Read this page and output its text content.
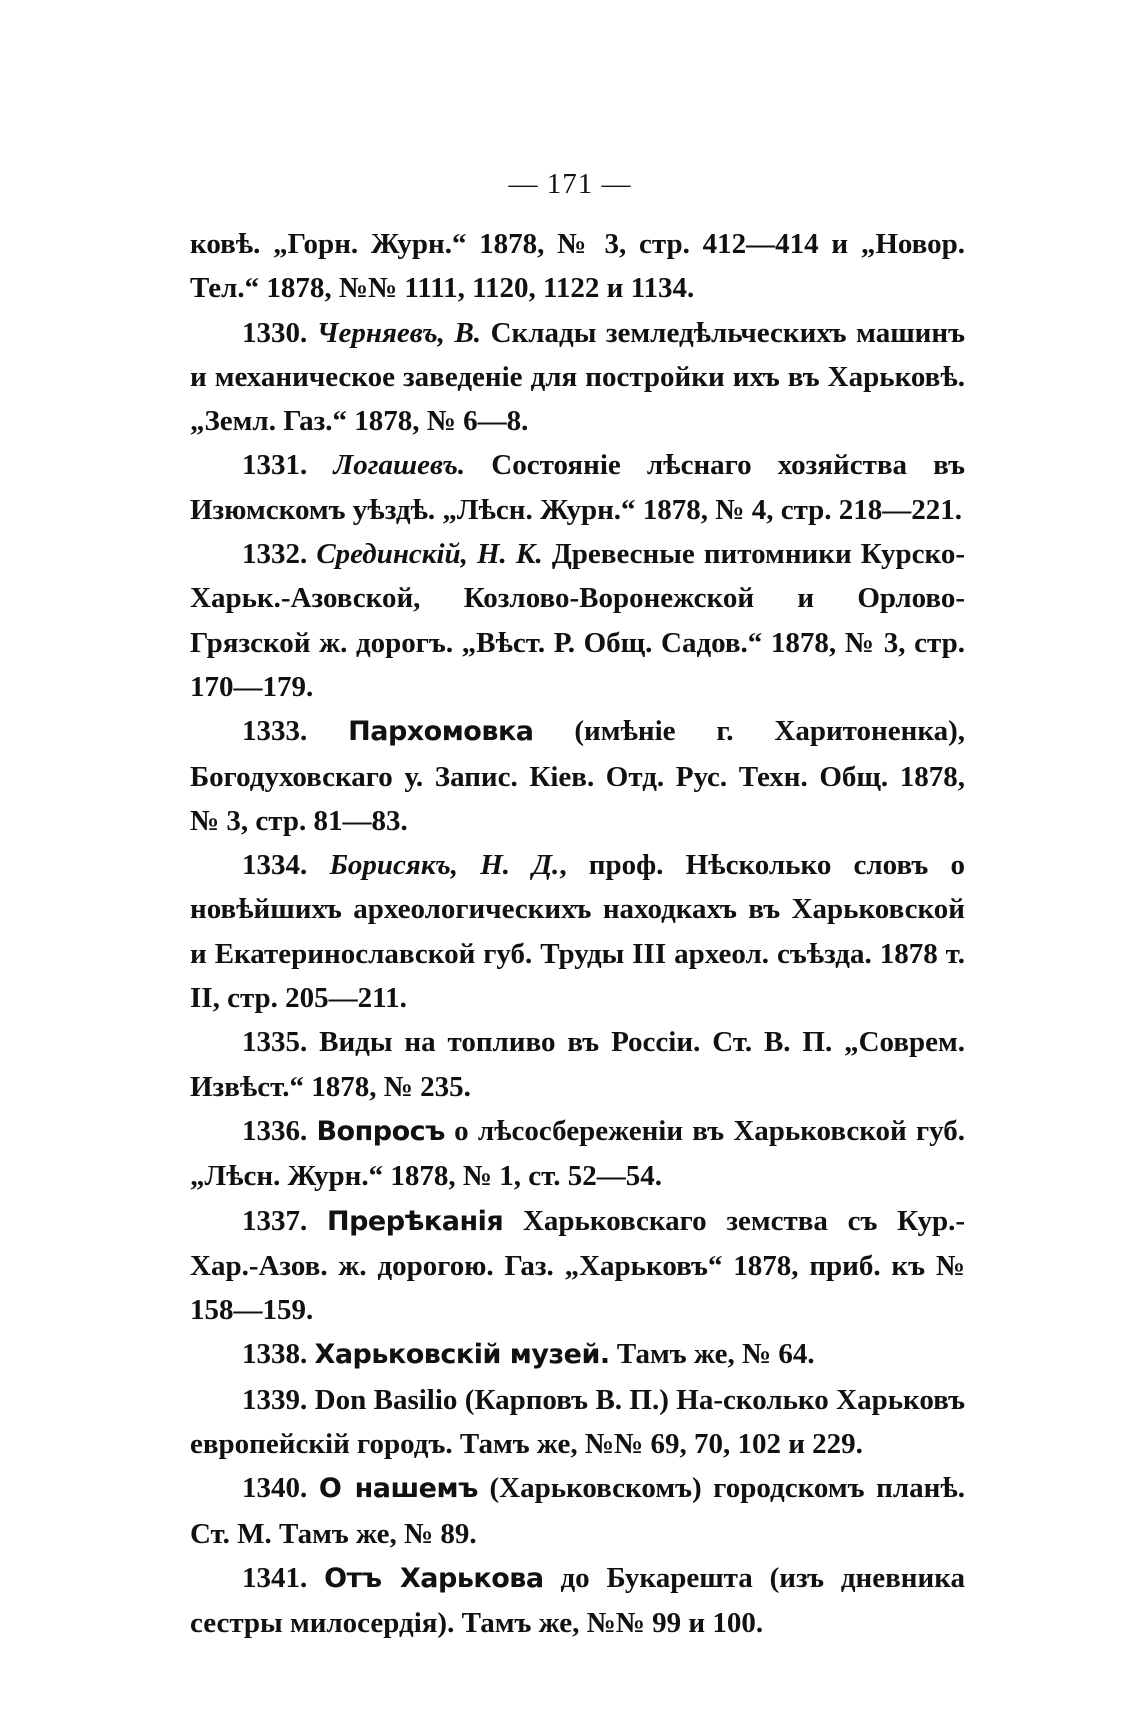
— 171 —

ковѣ. „Горн. Журн.“ 1878, № 3, стр. 412—414 и „Новор. Тел.“ 1878, №№ 1111, 1120, 1122 и 1134.

1330. Черняевъ, В. Склады земледѣльческихъ машинъ и механическое заведеніе для постройки ихъ въ Харьковѣ. „Земл. Газ.“ 1878, № 6—8.

1331. Логашевъ. Состояніе лѣснаго хозяйства въ Изюмскомъ уѣздѣ. „Лѣсн. Журн.“ 1878, № 4, стр. 218—221.

1332. Срединскій, Н. К. Древесные питомники Курско-Харьк.-Азовской, Козлово-Воронежской и Орлово-Грязской ж. дорогъ. „Вѣст. Р. Общ. Садов.“ 1878, № 3, стр. 170—179.

1333. Пархомовка (имѣніе г. Харитоненка), Богодуховскаго у. Запис. Кіев. Отд. Рус. Техн. Общ. 1878, № 3, стр. 81—83.

1334. Борисякъ, Н. Д., проф. Нѣсколько словъ о новѣйшихъ археологическихъ находкахъ въ Харьковской и Екатеринославской губ. Труды III археол. съѣзда. 1878 т. II, стр. 205—211.

1335. Виды на топливо въ Россіи. Ст. В. П. „Соврем. Извѣст.“ 1878, № 235.

1336. Вопросъ о лѣсосбереженіи въ Харьковской губ. „Лѣсн. Журн.“ 1878, № 1, ст. 52—54.

1337. Прерѣканія Харьковскаго земства съ Кур.-Хар.-Азов. ж. дорогою. Газ. „Харьковъ“ 1878, приб. къ № 158—159.

1338. Харьковскій музей. Тамъ же, № 64.

1339. Don Basilio (Карповъ В. П.) На-сколько Харьковъ европейскій городъ. Тамъ же, №№ 69, 70, 102 и 229.

1340. О нашемъ (Харьковскомъ) городскомъ планѣ. Ст. М. Тамъ же, № 89.

1341. Отъ Харькова до Букарешта (изъ дневника сестры милосердія). Тамъ же, №№ 99 и 100.
